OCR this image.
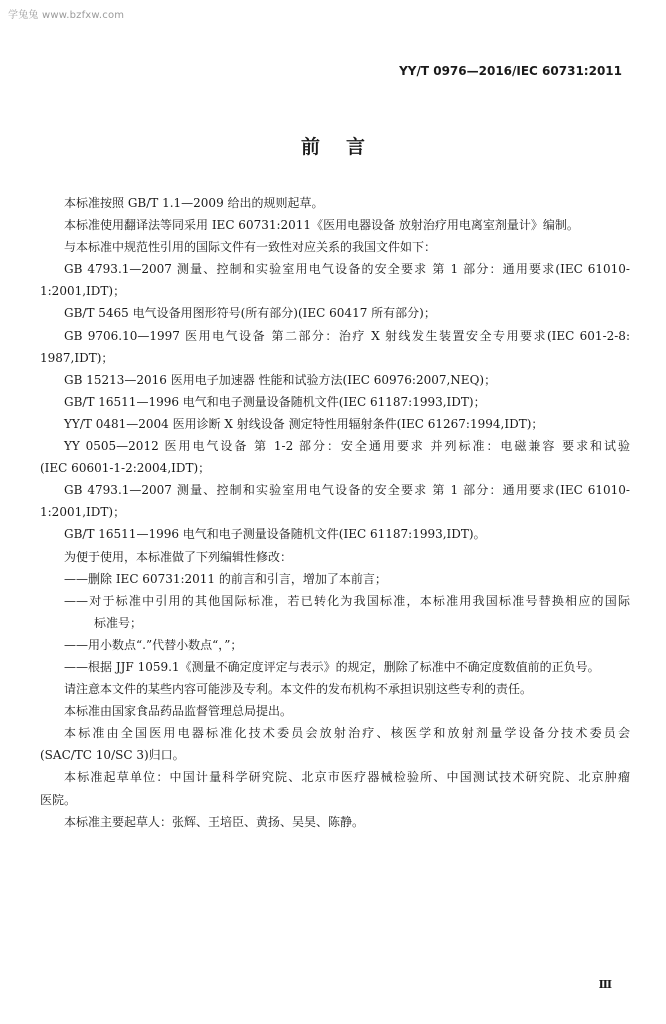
学兔兔 www.bzfxw.com
YY/T 0976—2016/IEC 60731:2011
前言
本标准按照 GB/T 1.1—2009 给出的规则起草。
本标准使用翻译法等同采用 IEC 60731:2011《医用电器设备 放射治疗用电离室剂量计》编制。
与本标准中规范性引用的国际文件有一致性对应关系的我国文件如下：
GB 4793.1—2007 测量、控制和实验室用电气设备的安全要求 第 1 部分：通用要求(IEC 61010-
1:2001,IDT)；
GB/T 5465 电气设备用图形符号(所有部分)(IEC 60417 所有部分)；
GB 9706.10—1997 医用电气设备 第二部分：治疗 X 射线发生装置安全专用要求(IEC 601-2-8:
1987,IDT)；
GB 15213—2016 医用电子加速器 性能和试验方法(IEC 60976:2007,NEQ)；
GB/T 16511—1996 电气和电子测量设备随机文件(IEC 61187:1993,IDT)；
YY/T 0481—2004 医用诊断 X 射线设备 测定特性用辐射条件(IEC 61267:1994,IDT)；
YY 0505—2012 医用电气设备 第 1-2 部分：安全通用要求 并列标准：电磁兼容 要求和试验
(IEC 60601-1-2:2004,IDT)；
GB 4793.1—2007 测量、控制和实验室用电气设备的安全要求 第 1 部分：通用要求(IEC 61010-
1:2001,IDT)；
GB/T 16511—1996 电气和电子测量设备随机文件(IEC 61187:1993,IDT)。
为便于使用，本标准做了下列编辑性修改：
——删除 IEC 60731:2011 的前言和引言，增加了本前言；
——对于标准中引用的其他国际标准，若已转化为我国标准，本标准用我国标准号替换相应的国际
标准号；
——用小数点“.”代替小数点“，”；
——根据 JJF 1059.1《测量不确定度评定与表示》的规定，删除了标准中不确定度数值前的正负号。
请注意本文件的某些内容可能涉及专利。本文件的发布机构不承担识别这些专利的责任。
本标准由国家食品药品监督管理总局提出。
本标准由全国医用电器标准化技术委员会放射治疗、核医学和放射剂量学设备分技术委员会
(SAC/TC 10/SC 3)归口。
本标准起草单位：中国计量科学研究院、北京市医疗器械检验所、中国测试技术研究院、北京肿瘤
医院。
本标准主要起草人：张辉、王培臣、黄扬、吴昊、陈静。
Ⅲ
